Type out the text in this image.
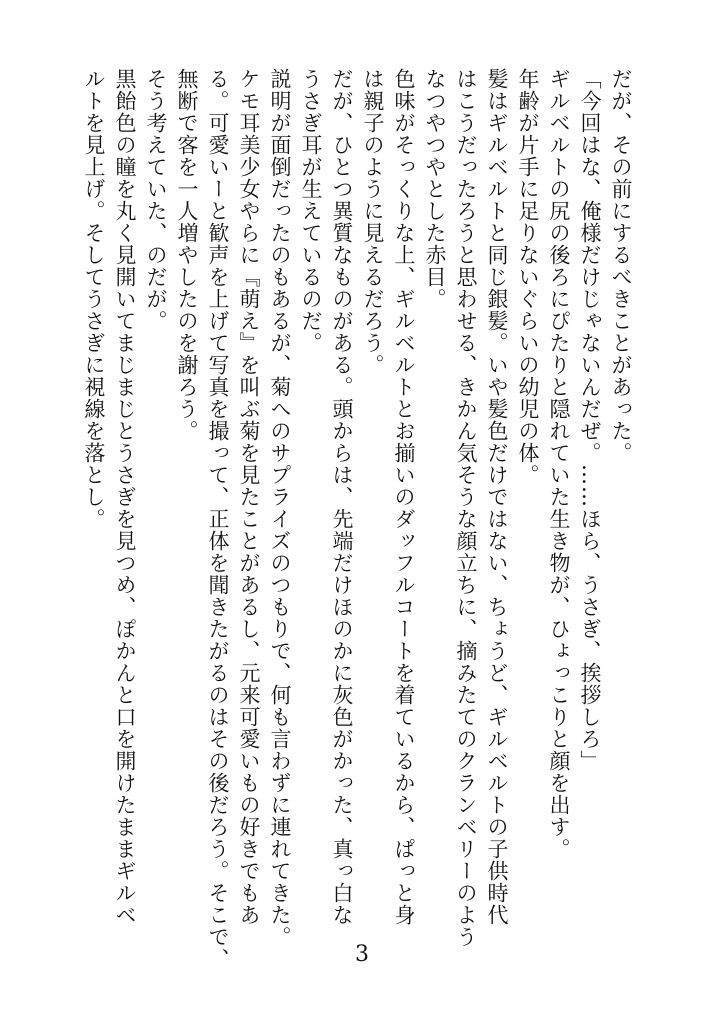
だが、その前にするべきことがあった。
「今回はな、俺様だけじゃないんだぜ。……ほら、うさぎ、挨拶しろ」
ギルベルトの尻の後ろにぴたりと隠れていた生き物が、ひょっこりと顔を出す。
年齢が片手に足りないぐらいの幼児の体。
髪はギルベルトと同じ銀髪。いや髪色だけではない、ちょうど、ギルベルトの子供時代
はこうだったろうと思わせる、きかん気そうな顔立ちに、摘みたてのクランベリーのよう
なつやつやとした赤目。
色味がそっくりな上、ギルベルトとお揃いのダッフルコートを着ているから、ぱっと身
は親子のように見えるだろう。
だが、ひとつ異質なものがある。頭からは、先端だけほのかに灰色がかった、真っ白な
うさぎ耳が生えているのだ。
説明が面倒だったのもあるが、菊へのサプライズのつもりで、何も言わずに連れてきた。
ケモ耳美少女やらに『萌え』を叫ぶ菊を見たことがあるし、元来可愛いもの好きでもあ
る。可愛いーと歓声を上げて写真を撮って、正体を聞きたがるのはその後だろう。そこで、
無断で客を一人増やしたのを謝ろう。
そう考えていた、のだが。
黒飴色の瞳を丸く見開いてまじまじとうさぎを見つめ、ぽかんと口を開けたままギルベ
ルトを見上げ。そしてうさぎに視線を落とし。
3
